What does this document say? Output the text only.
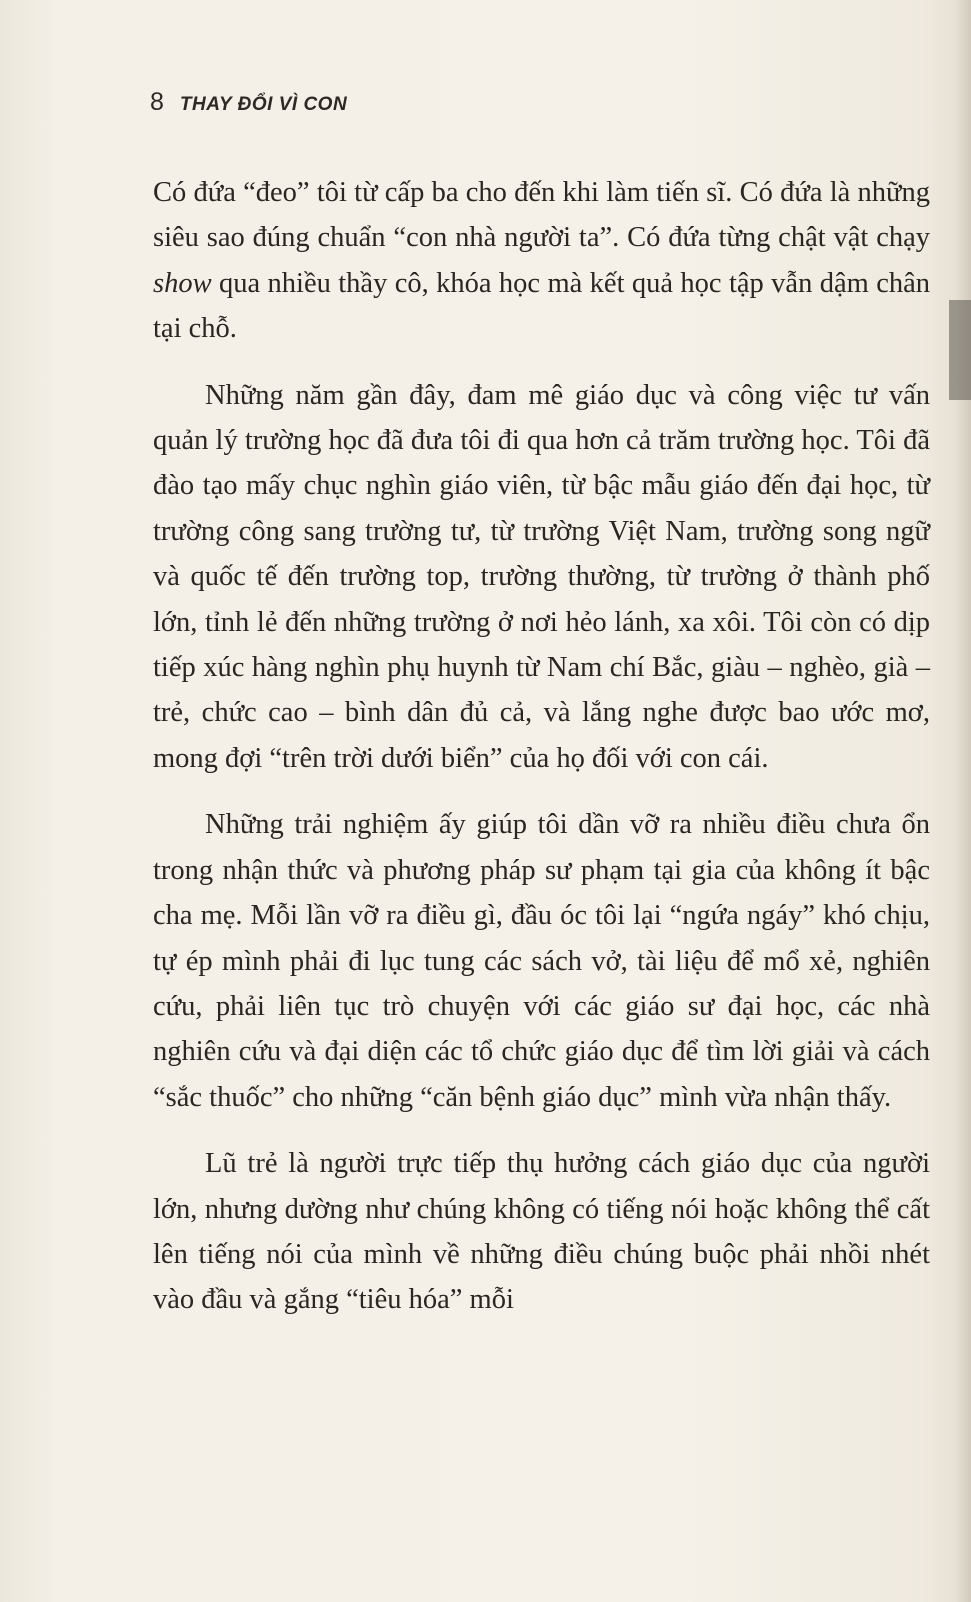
8 THAY ĐỔI VÌ CON

Có đứa “đeo” tôi từ cấp ba cho đến khi làm tiến sĩ. Có đứa là những siêu sao đúng chuẩn “con nhà người ta”. Có đứa từng chật vật chạy show qua nhiều thầy cô, khóa học mà kết quả học tập vẫn dậm chân tại chỗ.

Những năm gần đây, đam mê giáo dục và công việc tư vấn quản lý trường học đã đưa tôi đi qua hơn cả trăm trường học. Tôi đã đào tạo mấy chục nghìn giáo viên, từ bậc mẫu giáo đến đại học, từ trường công sang trường tư, từ trường Việt Nam, trường song ngữ và quốc tế đến trường top, trường thường, từ trường ở thành phố lớn, tỉnh lẻ đến những trường ở nơi hẻo lánh, xa xôi. Tôi còn có dịp tiếp xúc hàng nghìn phụ huynh từ Nam chí Bắc, giàu – nghèo, già – trẻ, chức cao – bình dân đủ cả, và lắng nghe được bao ước mơ, mong đợi “trên trời dưới biển” của họ đối với con cái.

Những trải nghiệm ấy giúp tôi dần vỡ ra nhiều điều chưa ổn trong nhận thức và phương pháp sư phạm tại gia của không ít bậc cha mẹ. Mỗi lần vỡ ra điều gì, đầu óc tôi lại “ngứa ngáy” khó chịu, tự ép mình phải đi lục tung các sách vở, tài liệu để mổ xẻ, nghiên cứu, phải liên tục trò chuyện với các giáo sư đại học, các nhà nghiên cứu và đại diện các tổ chức giáo dục để tìm lời giải và cách “sắc thuốc” cho những “căn bệnh giáo dục” mình vừa nhận thấy.

Lũ trẻ là người trực tiếp thụ hưởng cách giáo dục của người lớn, nhưng dường như chúng không có tiếng nói hoặc không thể cất lên tiếng nói của mình về những điều chúng buộc phải nhồi nhét vào đầu và gắng “tiêu hóa” mỗi
